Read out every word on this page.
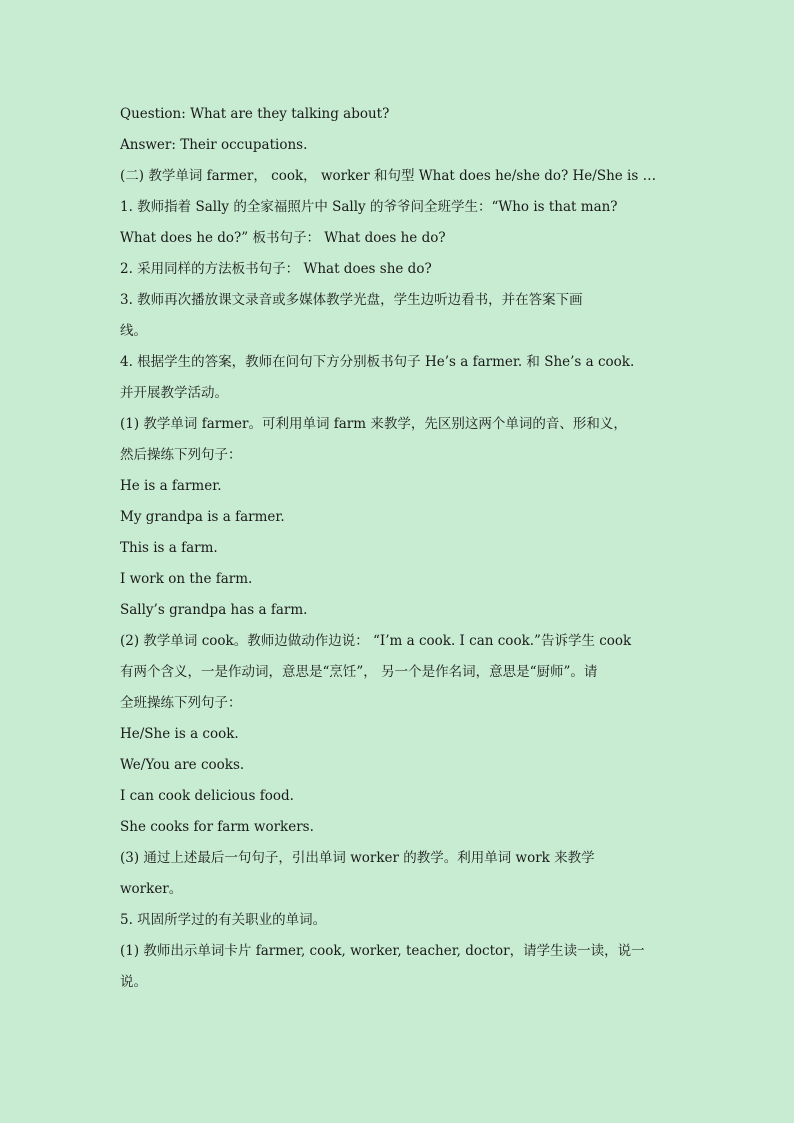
Question: What are they talking about?
Answer: Their occupations.
(二) 教学单词 farmer， cook， worker 和句型 What does he/she do? He/She is …
1. 教师指着 Sally 的全家福照片中 Sally 的爷爷问全班学生：“Who is that man?
What does he do?” 板书句子： What does he do?
2. 采用同样的方法板书句子： What does she do?
3. 教师再次播放课文录音或多媒体教学光盘，学生边听边看书，并在答案下画
线。
4. 根据学生的答案，教师在问句下方分别板书句子 He’s a farmer. 和 She’s a cook.
并开展教学活动。
(1) 教学单词 farmer。可利用单词 farm 来教学，先区别这两个单词的音、形和义，
然后操练下列句子：
He is a farmer.
My grandpa is a farmer.
This is a farm.
I work on the farm.
Sally’s grandpa has a farm.
(2) 教学单词 cook。教师边做动作边说： “I’m a cook. I can cook.”告诉学生 cook
有两个含义，一是作动词，意思是“烹饪”， 另一个是作名词，意思是“厨师”。请
全班操练下列句子：
He/She is a cook.
We/You are cooks.
I can cook delicious food.
She cooks for farm workers.
(3) 通过上述最后一句句子，引出单词 worker 的教学。利用单词 work 来教学
worker。
5. 巩固所学过的有关职业的单词。
(1) 教师出示单词卡片 farmer, cook, worker, teacher, doctor，请学生读一读，说一
说。
